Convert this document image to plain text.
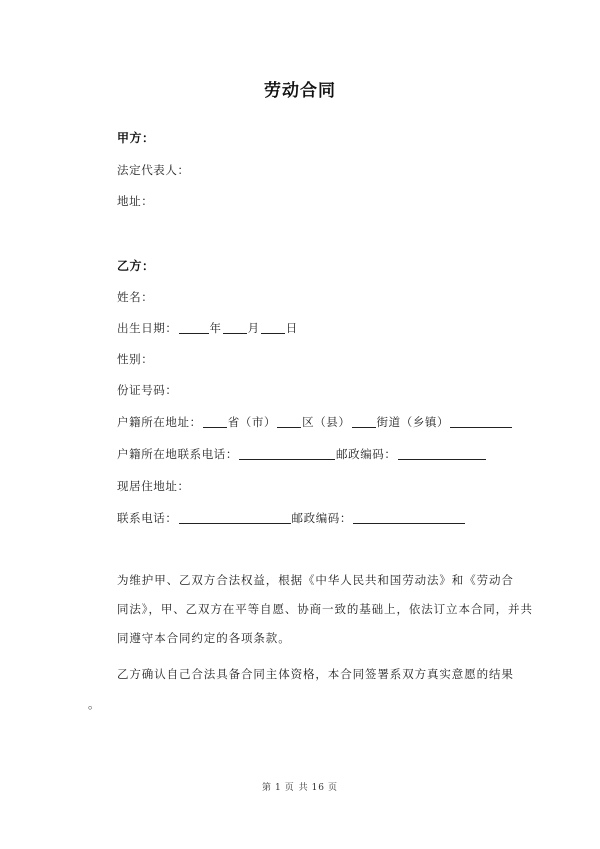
劳动合同
甲方：
法定代表人：
地址：
乙方：
姓名：
出生日期：	年 月 日
性别：
份证号码：
户籍所在地址： 省（市） 区（县） 街道（乡镇）
户籍所在地联系电话：	邮政编码：
现居住地址：
联系电话：	邮政编码：
为维护甲、乙双方合法权益，根据《中华人民共和国劳动法》和《劳动合
同法》，甲、乙双方在平等自愿、协商一致的基础上，依法订立本合同，并共
同遵守本合同约定的各项条款。
乙方确认自己合法具备合同主体资格，本合同签署系双方真实意愿的结果
。
第 1 页 共 16 页
